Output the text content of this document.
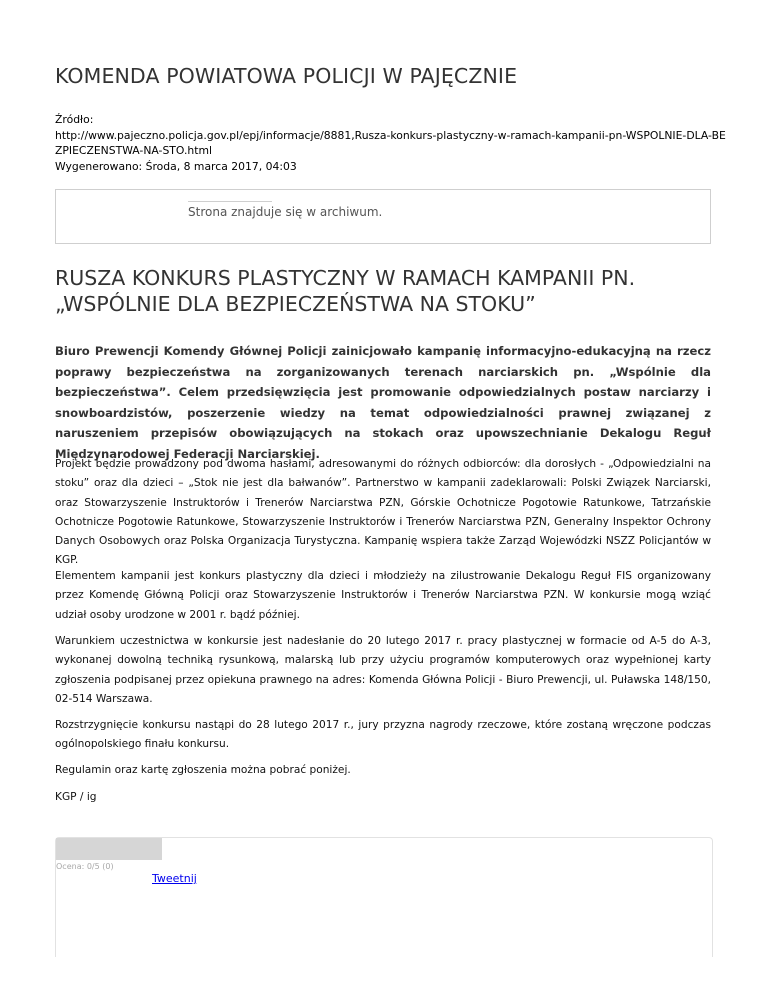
KOMENDA POWIATOWA POLICJI W PAJĘCZNIE
Źródło:
http://www.pajeczno.policja.gov.pl/epj/informacje/8881,Rusza-konkurs-plastyczny-w-ramach-kampanii-pn-WSPOLNIE-DLA-BE
ZPIECZENSTWA-NA-STO.html
Wygenerowano: Środa, 8 marca 2017, 04:03
Strona znajduje się w archiwum.
RUSZA KONKURS PLASTYCZNY W RAMACH KAMPANII PN.
„WSPÓLNIE DLA BEZPIECZEŃSTWA NA STOKU”

Biuro Prewencji Komendy Głównej Policji zainicjowało kampanię informacyjno-edukacyjną na rzecz poprawy bezpieczeństwa na zorganizowanych terenach narciarskich pn. „Wspólnie dla bezpieczeństwa”. Celem przedsięwzięcia jest promowanie odpowiedzialnych postaw narciarzy i snowboardzistów, poszerzenie wiedzy na temat odpowiedzialności prawnej związanej z naruszeniem przepisów obowiązujących na stokach oraz upowszechnianie Dekalogu Reguł Międzynarodowej Federacji Narciarskiej.

Projekt będzie prowadzony pod dwoma hasłami, adresowanymi do różnych odbiorców: dla dorosłych - „Odpowiedzialni na stoku” oraz dla dzieci – „Stok nie jest dla bałwanów”. Partnerstwo w kampanii zadeklarowali: Polski Związek Narciarski, oraz Stowarzyszenie Instruktorów i Trenerów Narciarstwa PZN, Górskie Ochotnicze Pogotowie Ratunkowe, Tatrzańskie Ochotnicze Pogotowie Ratunkowe, Stowarzyszenie Instruktorów i Trenerów Narciarstwa PZN, Generalny Inspektor Ochrony Danych Osobowych oraz Polska Organizacja Turystyczna. Kampanię wspiera także Zarząd Wojewódzki NSZZ Policjantów w KGP.

Elementem kampanii jest konkurs plastyczny dla dzieci i młodzieży na zilustrowanie Dekalogu Reguł FIS organizowany przez Komendę Główną Policji oraz Stowarzyszenie Instruktorów i Trenerów Narciarstwa PZN. W konkursie mogą wziąć udział osoby urodzone w 2001 r. bądź później.

Warunkiem uczestnictwa w konkursie jest nadesłanie do 20 lutego 2017 r. pracy plastycznej w formacie od A-5 do A-3, wykonanej dowolną techniką rysunkową, malarską lub przy użyciu programów komputerowych oraz wypełnionej karty zgłoszenia podpisanej przez opiekuna prawnego na adres: Komenda Główna Policji - Biuro Prewencji, ul. Puławska 148/150, 02-514 Warszawa.

Rozstrzygnięcie konkursu nastąpi do 28 lutego 2017 r., jury przyzna nagrody rzeczowe, które zostaną wręczone podczas ogólnopolskiego finału konkursu.

Regulamin oraz kartę zgłoszenia można pobrać poniżej.

KGP / ig

Ocena: 0/5 (0)
Tweetnij
